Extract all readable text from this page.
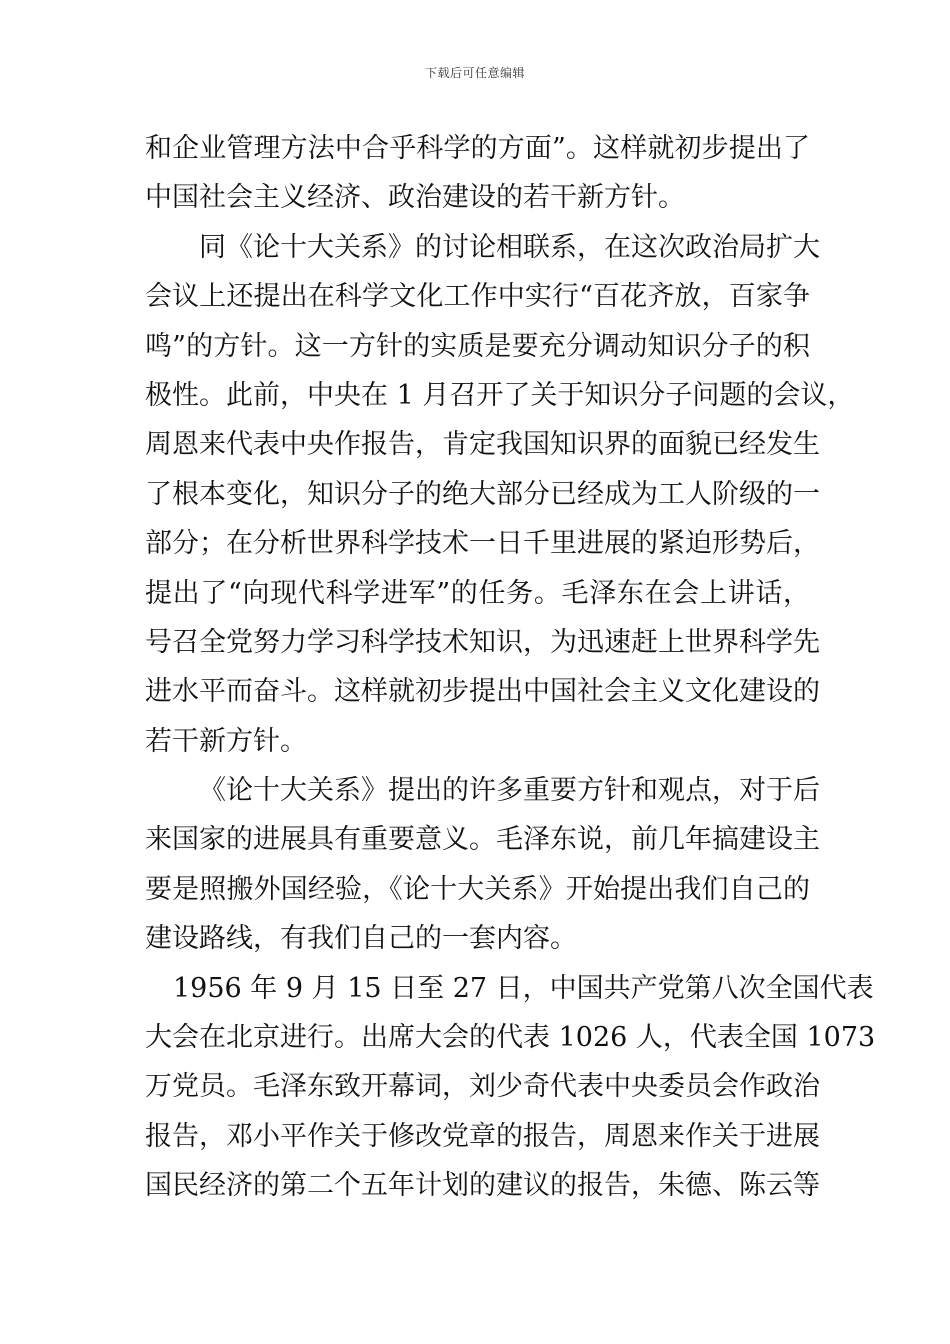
下载后可任意编辑
和企业管理方法中合乎科学的方面”。这样就初步提出了
中国社会主义经济、政治建设的若干新方针。
同《论十大关系》的讨论相联系，在这次政治局扩大
会议上还提出在科学文化工作中实行“百花齐放，百家争
鸣”的方针。这一方针的实质是要充分调动知识分子的积
极性。此前，中央在 1 月召开了关于知识分子问题的会议，
周恩来代表中央作报告，肯定我国知识界的面貌已经发生
了根本变化，知识分子的绝大部分已经成为工人阶级的一
部分；在分析世界科学技术一日千里进展的紧迫形势后，
提出了“向现代科学进军”的任务。毛泽东在会上讲话，
号召全党努力学习科学技术知识，为迅速赶上世界科学先
进水平而奋斗。这样就初步提出中国社会主义文化建设的
若干新方针。
《论十大关系》提出的许多重要方针和观点，对于后
来国家的进展具有重要意义。毛泽东说，前几年搞建设主
要是照搬外国经验，《论十大关系》开始提出我们自己的
建设路线，有我们自己的一套内容。
1956 年 9 月 15 日至 27 日，中国共产党第八次全国代表
大会在北京进行。出席大会的代表 1026 人，代表全国 1073
万党员。毛泽东致开幕词，刘少奇代表中央委员会作政治
报告，邓小平作关于修改党章的报告，周恩来作关于进展
国民经济的第二个五年计划的建议的报告，朱德、陈云等
